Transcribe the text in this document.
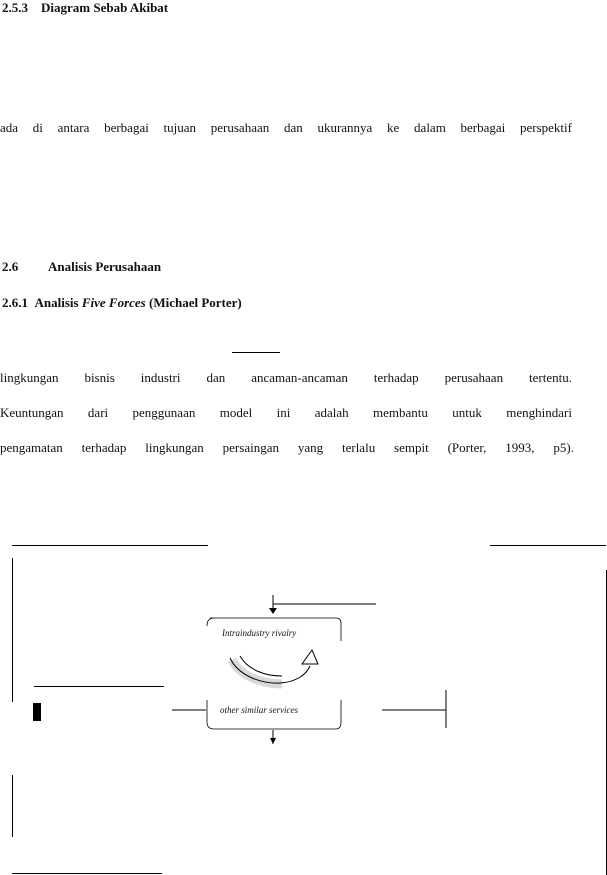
2.5.3 Diagram Sebab Akibat
ada di antara berbagai tujuan perusahaan dan ukurannya ke dalam berbagai perspektif
2.6 Analisis Perusahaan
2.6.1 Analisis Five Forces (Michael Porter)
lingkungan bisnis industri dan ancaman-ancaman terhadap perusahaan tertentu.
Keuntungan dari penggunaan model ini adalah membantu untuk menghindari
pengamatan terhadap lingkungan persaingan yang terlalu sempit (Porter, 1993, p5).
Intraindustry rivalry
other similar services
